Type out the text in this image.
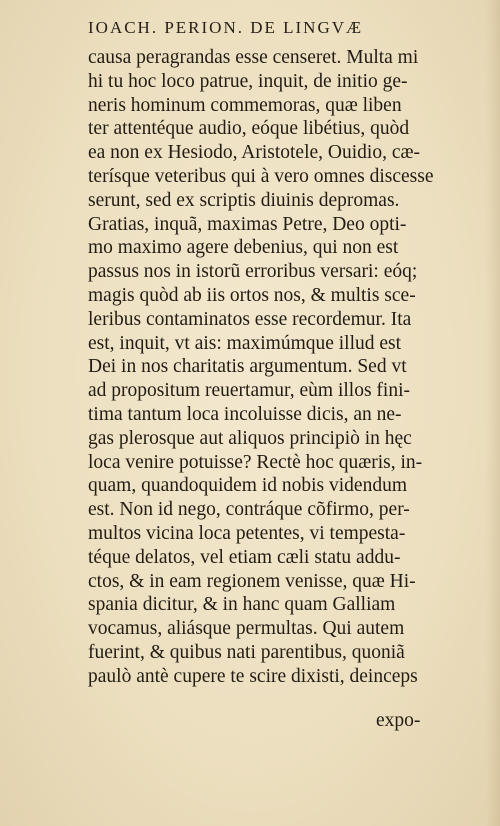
IOACH. PERION. DE LINGVÆ
causa peragrandas esse censeret. Multa mi
hi tu hoc loco patrue, inquit, de initio ge-
neris hominum commemoras, quæ liben
ter attentéque audio, eóque libétius, quòd
ea non ex Hesiodo, Aristotele, Ouidio, cæ-
terísque veteribus qui à vero omnes discesse
serunt, sed ex scriptis diuinis depromas.
Gratias, inquã, maximas Petre, Deo opti-
mo maximo agere debenius, qui non est
passus nos in istorũ erroribus versari: eóq;
magis quòd ab iis ortos nos, & multis sce-
leribus contaminatos esse recordemur. Ita
est, inquit, vt ais: maximúmque illud est
Dei in nos charitatis argumentum. Sed vt
ad propositum reuertamur, eùm illos fini-
tima tantum loca incoluisse dicis, an ne-
gas plerosque aut aliquos principiò in hęc
loca venire potuisse? Rectè hoc quæris, in-
quam, quandoquidem id nobis videndum
est. Non id nego, contráque cõfirmo, per-
multos vicina loca petentes, vi tempesta-
téque delatos, vel etiam cæli statu addu-
ctos, & in eam regionem venisse, quæ Hi-
spania dicitur, & in hanc quam Galliam
vocamus, aliásque permultas. Qui autem
fuerint, & quibus nati parentibus, quoniã
paulò antè cupere te scire dixisti, deinceps
expo-
